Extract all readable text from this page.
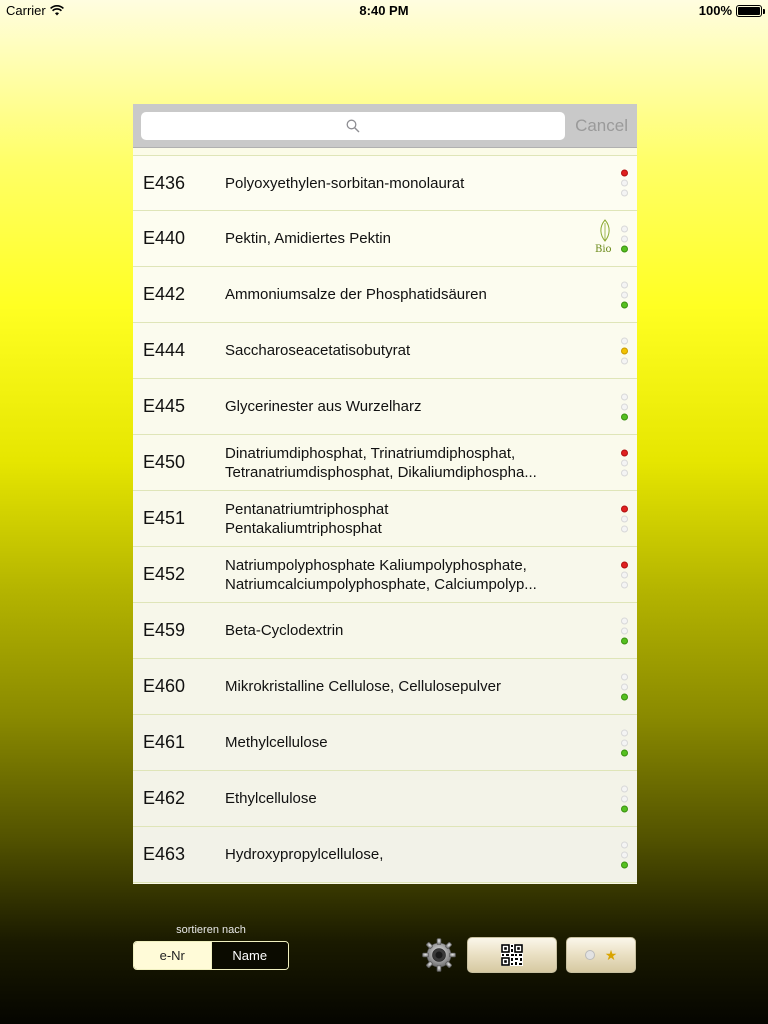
Carrier	8:40 PM	100%
Cancel
E436	Polyoxyethylen-sorbitan-monolaurat
E440	Pektin, Amidiertes Pektin
Bio
E442	Ammoniumsalze der Phosphatidsäuren
E444	Saccharoseacetatisobutyrat
E445	Glycerinester aus Wurzelharz
E450	Dinatriumdiphosphat, Trinatriumdiphosphat,
Tetranatriumdisphosphat, Dikaliumdiphospha...
E451	Pentanatriumtriphosphat
Pentakaliumtriphosphat
E452	Natriumpolyphosphate Kaliumpolyphosphate,
Natriumcalciumpolyphosphate, Calciumpolyp...
E459	Beta-Cyclodextrin
E460	Mikrokristalline Cellulose, Cellulosepulver
E461	Methylcellulose
E462	Ethylcellulose
E463	Hydroxypropylcellulose,
sortieren nach
e-Nr	Name	★
